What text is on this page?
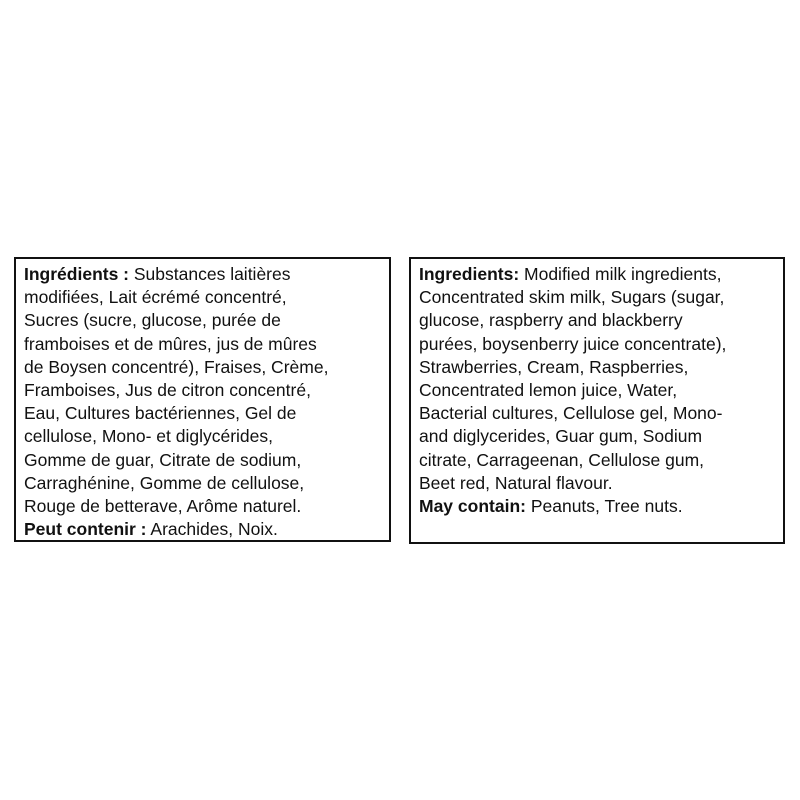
Ingrédients : Substances laitières
modifiées, Lait écrémé concentré,
Sucres (sucre, glucose, purée de
framboises et de mûres, jus de mûres
de Boysen concentré), Fraises, Crème,
Framboises, Jus de citron concentré,
Eau, Cultures bactériennes, Gel de
cellulose, Mono- et diglycérides,
Gomme de guar, Citrate de sodium,
Carraghénine, Gomme de cellulose,
Rouge de betterave, Arôme naturel.

Peut contenir : Arachides, Noix.

Ingredients: Modified milk ingredients,
Concentrated skim milk, Sugars (sugar,
glucose, raspberry and blackberry
purées, boysenberry juice concentrate),
Strawberries, Cream, Raspberries,
Concentrated lemon juice, Water,
Bacterial cultures, Cellulose gel, Mono-
and diglycerides, Guar gum, Sodium
citrate, Carrageenan, Cellulose gum,
Beet red, Natural flavour.

May contain: Peanuts, Tree nuts.
